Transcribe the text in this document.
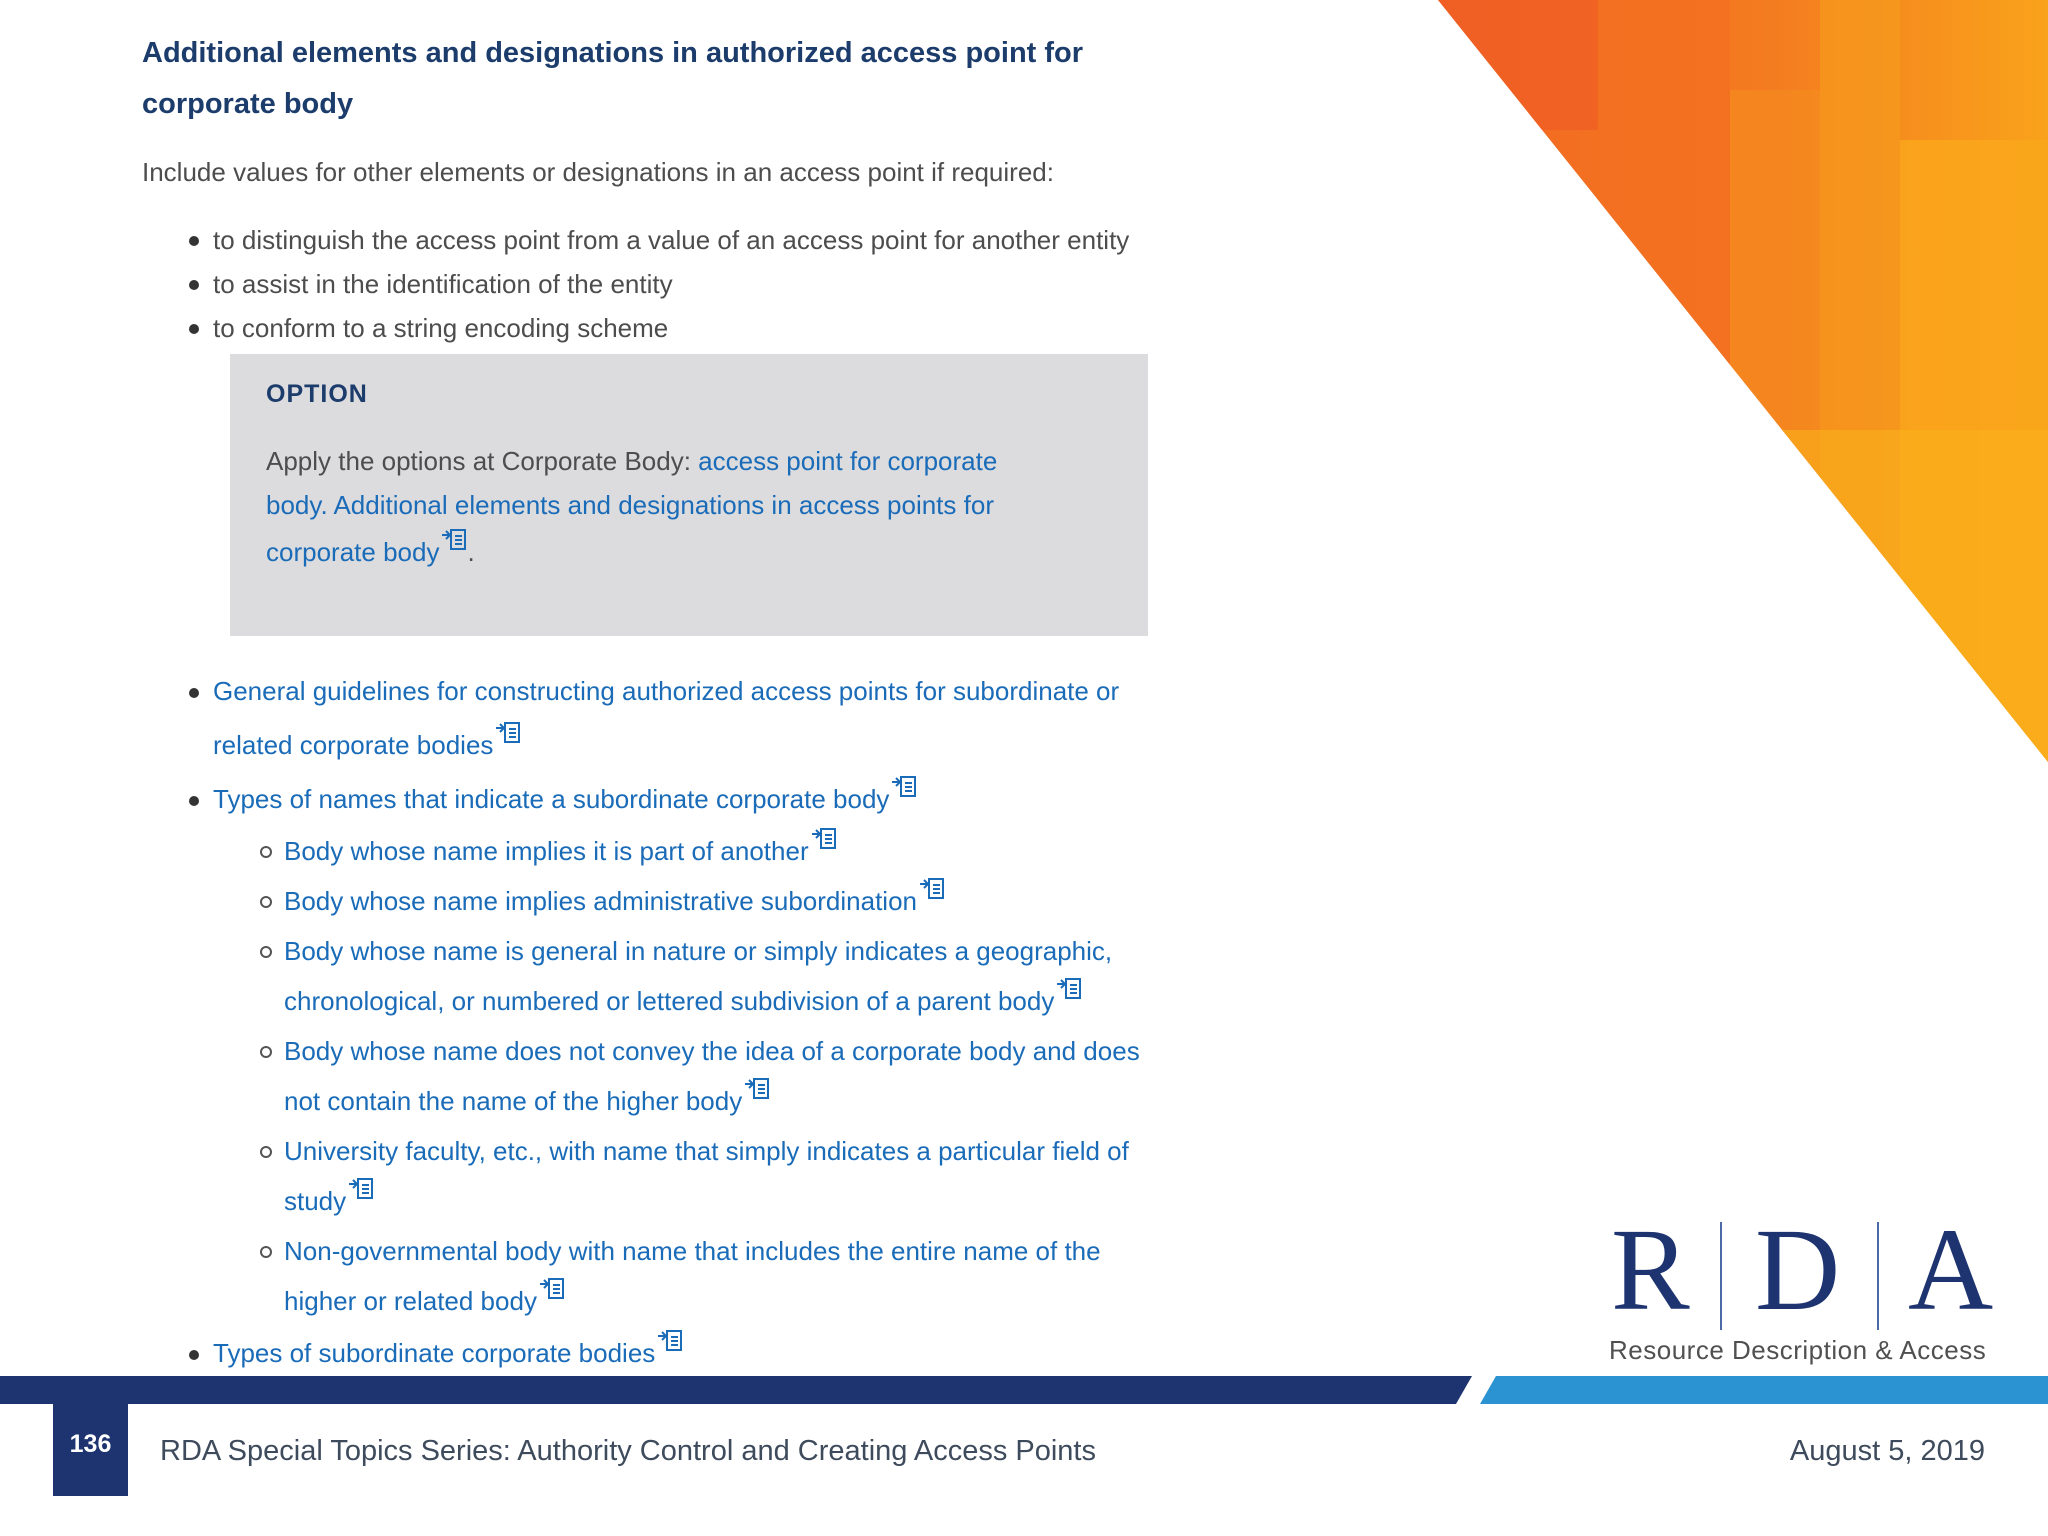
Additional elements and designations in authorized access point for corporate body
Include values for other elements or designations in an access point if required:
to distinguish the access point from a value of an access point for another entity
to assist in the identification of the entity
to conform to a string encoding scheme
OPTION
Apply the options at Corporate Body: access point for corporate body. Additional elements and designations in access points for corporate body .
General guidelines for constructing authorized access points for subordinate or related corporate bodies
Types of names that indicate a subordinate corporate body
Body whose name implies it is part of another
Body whose name implies administrative subordination
Body whose name is general in nature or simply indicates a geographic, chronological, or numbered or lettered subdivision of a parent body
Body whose name does not convey the idea of a corporate body and does not contain the name of the higher body
University faculty, etc., with name that simply indicates a particular field of study
Non-governmental body with name that includes the entire name of the higher or related body
Types of subordinate corporate bodies
R D A
Resource Description & Access
136	RDA Special Topics Series: Authority Control and Creating Access Points	August 5, 2019
